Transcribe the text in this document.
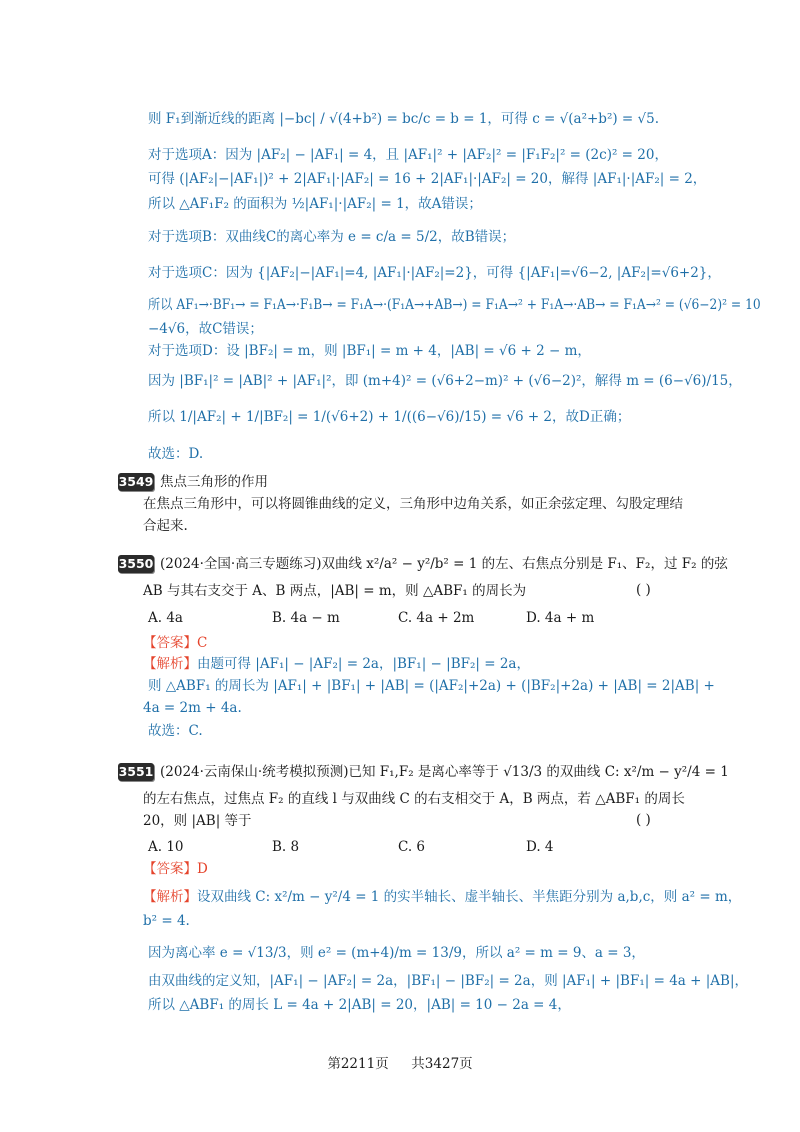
则 F₁到渐近线的距离 |−bc| / √(4+b²) = bc/c = b = 1，可得 c = √(a²+b²) = √5.
对于选项A：因为 |AF₂| − |AF₁| = 4，且 |AF₁|² + |AF₂|² = |F₁F₂|² = (2c)² = 20，
可得 (|AF₂|−|AF₁|)² + 2|AF₁|·|AF₂| = 16 + 2|AF₁|·|AF₂| = 20，解得 |AF₁|·|AF₂| = 2，
所以 △AF₁F₂ 的面积为 ½|AF₁|·|AF₂| = 1，故A错误；
对于选项B：双曲线C的离心率为 e = c/a = 5/2，故B错误；
对于选项C：因为 {|AF₂|−|AF₁|=4, |AF₁|·|AF₂|=2}，可得 {|AF₁|=√6−2, |AF₂|=√6+2}，
所以 AF₁→·BF₁→ = F₁A→·F₁B→ = F₁A→·(F₁A→+AB→) = F₁A→² + F₁A→·AB→ = F₁A→² = (√6−2)² = 10
−4√6，故C错误；
对于选项D：设 |BF₂| = m，则 |BF₁| = m + 4，|AB| = √6 + 2 − m，
因为 |BF₁|² = |AB|² + |AF₁|²，即 (m+4)² = (√6+2−m)² + (√6−2)²，解得 m = (6−√6)/15，
所以 1/|AF₂| + 1/|BF₂| = 1/(√6+2) + 1/((6−√6)/15) = √6 + 2，故D正确；
故选：D.
3549 焦点三角形的作用
在焦点三角形中，可以将圆锥曲线的定义，三角形中边角关系，如正余弦定理、勾股定理结
合起来.
3550 (2024·全国·高三专题练习)双曲线 x²/a² − y²/b² = 1 的左、右焦点分别是 F₁、F₂，过 F₂ 的弦
AB 与其右支交于 A、B 两点，|AB| = m，则 △ABF₁ 的周长为	( )
A. 4a	B. 4a − m	C. 4a + 2m	D. 4a + m
【答案】C
【解析】由题可得 |AF₁| − |AF₂| = 2a，|BF₁| − |BF₂| = 2a，
则 △ABF₁ 的周长为 |AF₁| + |BF₁| + |AB| = (|AF₂|+2a) + (|BF₂|+2a) + |AB| = 2|AB| +
4a = 2m + 4a.
故选：C.
3551 (2024·云南保山·统考模拟预测)已知 F₁,F₂ 是离心率等于 √13/3 的双曲线 C: x²/m − y²/4 = 1
的左右焦点，过焦点 F₂ 的直线 l 与双曲线 C 的右支相交于 A，B 两点，若 △ABF₁ 的周长
20，则 |AB| 等于	( )
A. 10	B. 8	C. 6	D. 4
【答案】D
【解析】设双曲线 C: x²/m − y²/4 = 1 的实半轴长、虚半轴长、半焦距分别为 a,b,c，则 a² = m，
b² = 4.
因为离心率 e = √13/3，则 e² = (m+4)/m = 13/9，所以 a² = m = 9、a = 3，
由双曲线的定义知，|AF₁| − |AF₂| = 2a，|BF₁| − |BF₂| = 2a，则 |AF₁| + |BF₁| = 4a + |AB|，
所以 △ABF₁ 的周长 L = 4a + 2|AB| = 20，|AB| = 10 − 2a = 4，
第2211页 共3427页
